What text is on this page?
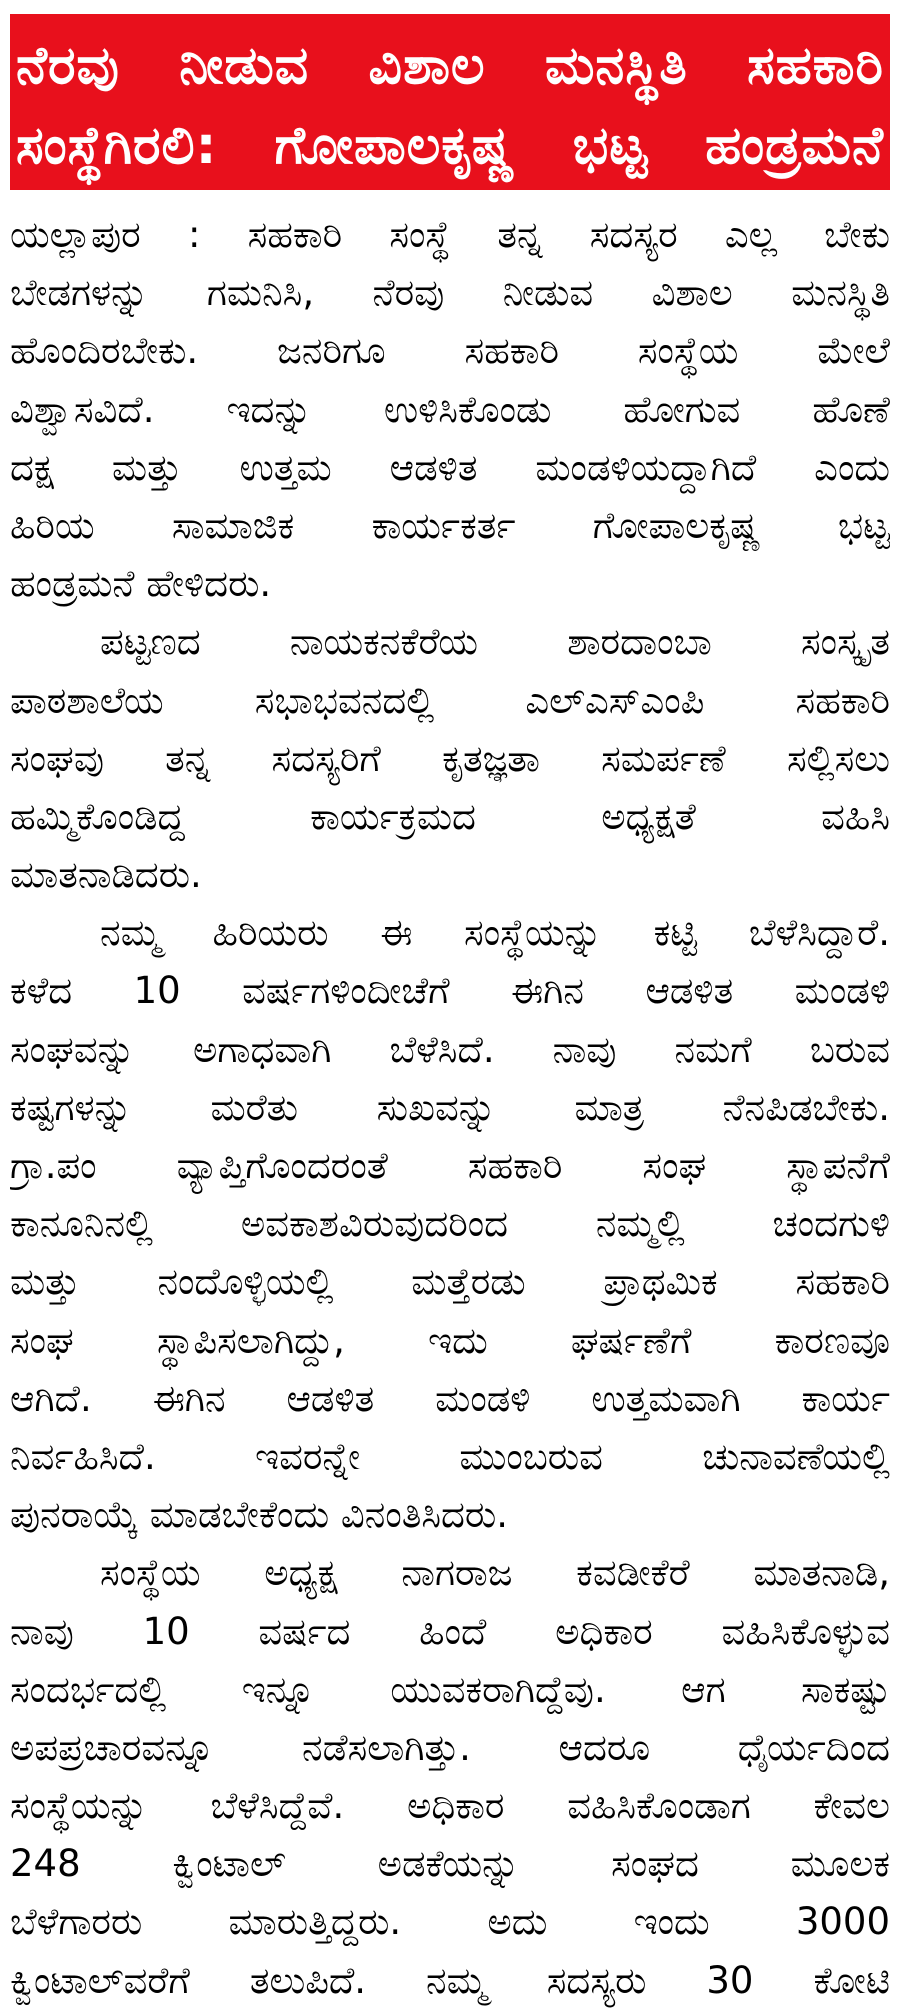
ನೆರವು ನೀಡುವ ವಿಶಾಲ ಮನಸ್ಥಿತಿ ಸಹಕಾರಿ
ಸಂಸ್ಥೆಗಿರಲಿ: ಗೋಪಾಲಕೃಷ್ಣ ಭಟ್ಟ ಹಂಡ್ರಮನೆ
ಯಲ್ಲಾಪುರ : ಸಹಕಾರಿ ಸಂಸ್ಥೆ ತನ್ನ ಸದಸ್ಯರ ಎಲ್ಲ ಬೇಕು
ಬೇಡಗಳನ್ನು ಗಮನಿಸಿ, ನೆರವು ನೀಡುವ ವಿಶಾಲ ಮನಸ್ಥಿತಿ
ಹೊಂದಿರಬೇಕು. ಜನರಿಗೂ ಸಹಕಾರಿ ಸಂಸ್ಥೆಯ ಮೇಲೆ
ವಿಶ್ವಾಸವಿದೆ. ಇದನ್ನು ಉಳಿಸಿಕೊಂಡು ಹೋಗುವ ಹೊಣೆ
ದಕ್ಷ ಮತ್ತು ಉತ್ತಮ ಆಡಳಿತ ಮಂಡಳಿಯದ್ದಾಗಿದೆ ಎಂದು
ಹಿರಿಯ ಸಾಮಾಜಿಕ ಕಾರ್ಯಕರ್ತ ಗೋಪಾಲಕೃಷ್ಣ ಭಟ್ಟ
ಹಂಡ್ರಮನೆ ಹೇಳಿದರು.
ಪಟ್ಟಣದ ನಾಯಕನಕೆರೆಯ ಶಾರದಾಂಬಾ ಸಂಸ್ಕೃತ
ಪಾಠಶಾಲೆಯ ಸಭಾಭವನದಲ್ಲಿ ಎಲ್‌ಎಸ್‌ಎಂಪಿ ಸಹಕಾರಿ
ಸಂಘವು ತನ್ನ ಸದಸ್ಯರಿಗೆ ಕೃತಜ್ಞತಾ ಸಮರ್ಪಣೆ ಸಲ್ಲಿಸಲು
ಹಮ್ಮಿಕೊಂಡಿದ್ದ ಕಾರ್ಯಕ್ರಮದ ಅಧ್ಯಕ್ಷತೆ ವಹಿಸಿ
ಮಾತನಾಡಿದರು.
ನಮ್ಮ ಹಿರಿಯರು ಈ ಸಂಸ್ಥೆಯನ್ನು ಕಟ್ಟಿ ಬೆಳೆಸಿದ್ದಾರೆ.
ಕಳೆದ 10 ವರ್ಷಗಳಿಂದೀಚೆಗೆ ಈಗಿನ ಆಡಳಿತ ಮಂಡಳಿ
ಸಂಘವನ್ನು ಅಗಾಧವಾಗಿ ಬೆಳೆಸಿದೆ. ನಾವು ನಮಗೆ ಬರುವ
ಕಷ್ಟಗಳನ್ನು ಮರೆತು ಸುಖವನ್ನು ಮಾತ್ರ ನೆನಪಿಡಬೇಕು.
ಗ್ರಾ.ಪಂ ವ್ಯಾಪ್ತಿಗೊಂದರಂತೆ ಸಹಕಾರಿ ಸಂಘ ಸ್ಥಾಪನೆಗೆ
ಕಾನೂನಿನಲ್ಲಿ ಅವಕಾಶವಿರುವುದರಿಂದ ನಮ್ಮಲ್ಲಿ ಚಂದಗುಳಿ
ಮತ್ತು ನಂದೊಳ್ಳಿಯಲ್ಲಿ ಮತ್ತೆರಡು ಪ್ರಾಥಮಿಕ ಸಹಕಾರಿ
ಸಂಘ ಸ್ಥಾಪಿಸಲಾಗಿದ್ದು, ಇದು ಘರ್ಷಣೆಗೆ ಕಾರಣವೂ
ಆಗಿದೆ. ಈಗಿನ ಆಡಳಿತ ಮಂಡಳಿ ಉತ್ತಮವಾಗಿ ಕಾರ್ಯ
ನಿರ್ವಹಿಸಿದೆ. ಇವರನ್ನೇ ಮುಂಬರುವ ಚುನಾವಣೆಯಲ್ಲಿ
ಪುನರಾಯ್ಕೆ ಮಾಡಬೇಕೆಂದು ವಿನಂತಿಸಿದರು.
ಸಂಸ್ಥೆಯ ಅಧ್ಯಕ್ಷ ನಾಗರಾಜ ಕವಡೀಕೆರೆ ಮಾತನಾಡಿ,
ನಾವು 10 ವರ್ಷದ ಹಿಂದೆ ಅಧಿಕಾರ ವಹಿಸಿಕೊಳ್ಳುವ
ಸಂದರ್ಭದಲ್ಲಿ ಇನ್ನೂ ಯುವಕರಾಗಿದ್ದೆವು. ಆಗ ಸಾಕಷ್ಟು
ಅಪಪ್ರಚಾರವನ್ನೂ ನಡೆಸಲಾಗಿತ್ತು. ಆದರೂ ಧೈರ್ಯದಿಂದ
ಸಂಸ್ಥೆಯನ್ನು ಬೆಳೆಸಿದ್ದೆವೆ. ಅಧಿಕಾರ ವಹಿಸಿಕೊಂಡಾಗ ಕೇವಲ
248 ಕ್ವಿಂಟಾಲ್ ಅಡಕೆಯನ್ನು ಸಂಘದ ಮೂಲಕ
ಬೆಳೆಗಾರರು ಮಾರುತ್ತಿದ್ದರು. ಅದು ಇಂದು 3000
ಕ್ವಿಂಟಾಲ್‌ವರೆಗೆ ತಲುಪಿದೆ. ನಮ್ಮ ಸದಸ್ಯರು 30 ಕೋಟಿ
